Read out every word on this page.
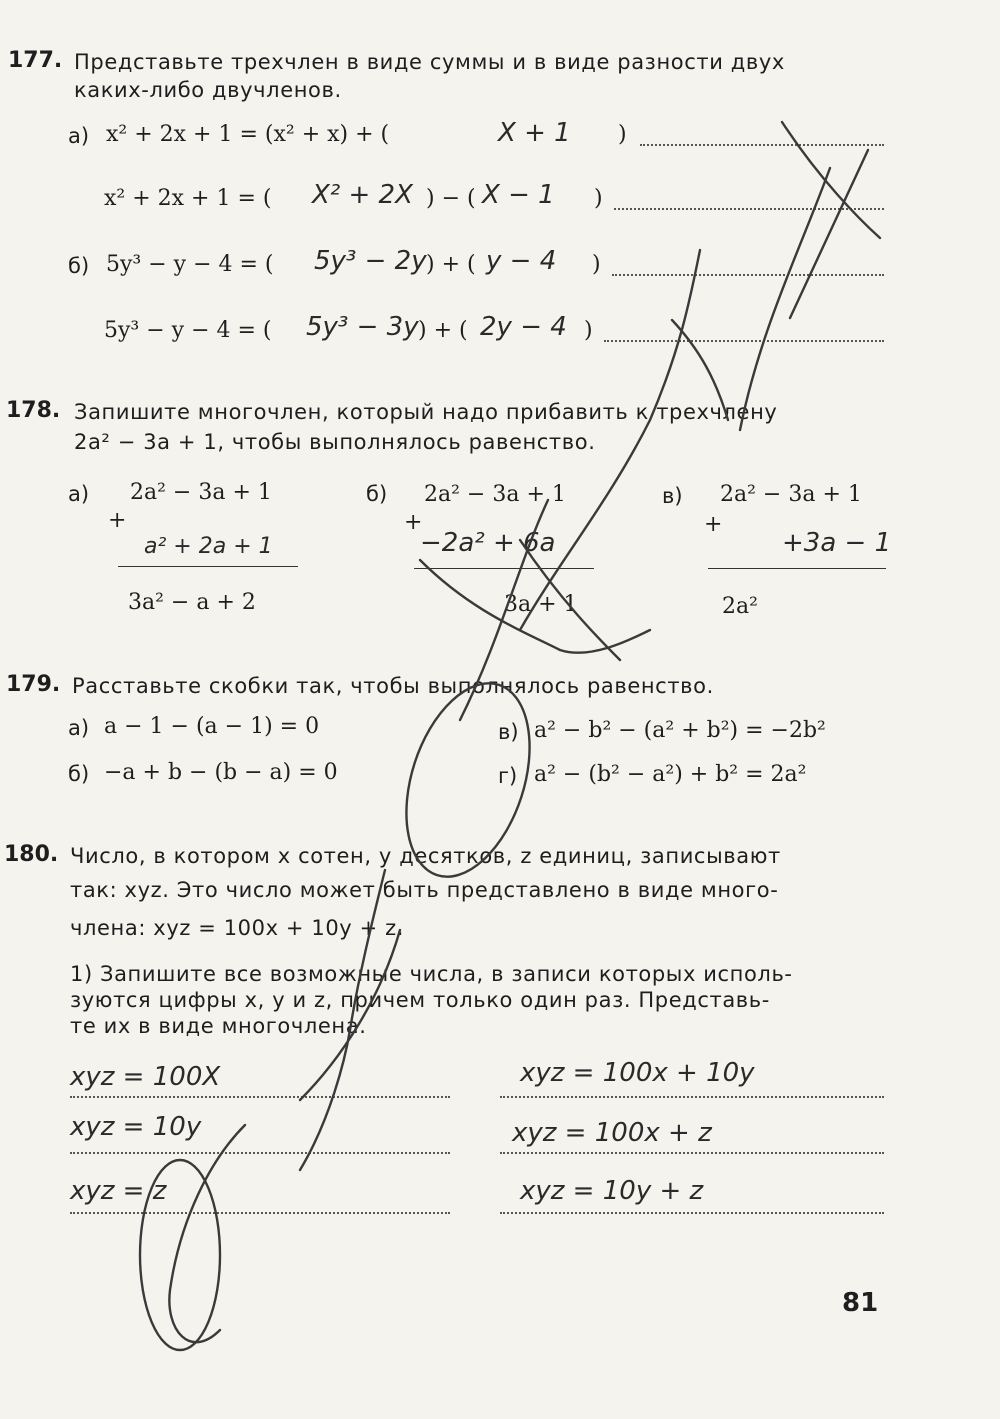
177. Представьте трехчлен в виде суммы и в виде разности двух
каких-либо двучленов.
а) x² + 2x + 1 = (x² + x) + (	X + 1 )
x² + 2x + 1 = ( X² + 2X ) − ( X − 1 )
б) 5y³ − y − 4 = ( 5y³ − 2y ) + ( y − 4 )
5y³ − y − 4 = ( 5y³ − 3y ) + ( 2y − 4 )
178. Запишите многочлен, который надо прибавить к трехчлену
2a² − 3a + 1, чтобы выполнялось равенство.
а) 2a² − 3a + 1
+
a² + 2a + 1
3a² − a + 2
б) 2a² − 3a + 1
+
−2a² + 6a
3a + 1
в) 2a² − 3a + 1
+
+3a − 1
2a²
179. Расставьте скобки так, чтобы выполнялось равенство.
а) a − 1 − (a − 1) = 0
б) −a + b − (b − a) = 0
в) a² − b² − (a² + b²) = −2b²
г) a² − (b² − a²) + b² = 2a²
180. Число, в котором x сотен, y десятков, z единиц, записывают
так: xyz. Это число может быть представлено в виде много-
члена: xyz = 100x + 10y + z.
1) Запишите все возможные числа, в записи которых исполь-
зуются цифры x, y и z, причем только один раз. Представь-
те их в виде многочлена.
xyz = 100X
xyz = 10y
xyz = z
xyz = 100x + 10y
xyz = 100x + z
xyz = 10y + z
81
